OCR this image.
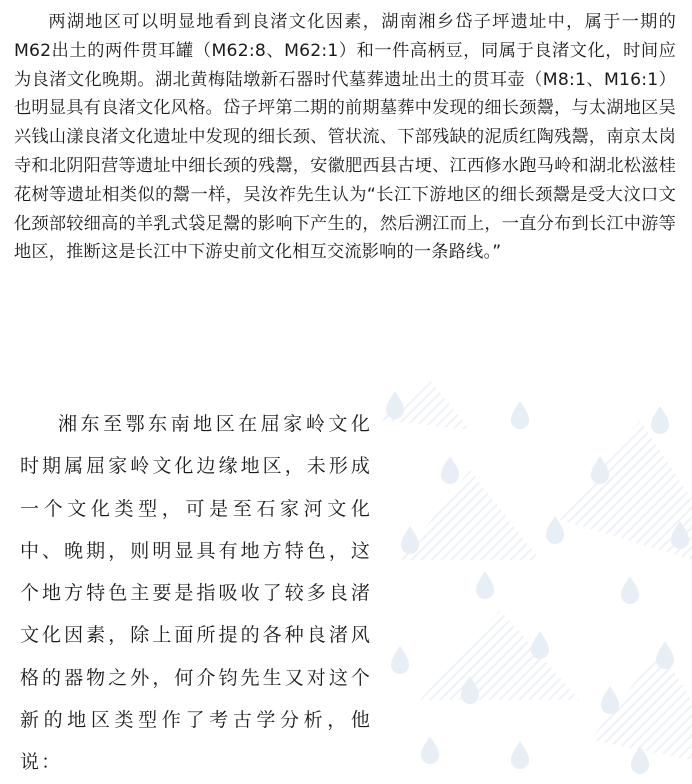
两湖地区可以明显地看到良渚文化因素，湖南湘乡岱子坪遗址中，属于一期的M62出土的两件贯耳罐（M62:8、M62:1）和一件高柄豆，同属于良渚文化，时间应为良渚文化晚期。湖北黄梅陆墩新石器时代墓葬遗址出土的贯耳壶（M8:1、M16:1）也明显具有良渚文化风格。岱子坪第二期的前期墓葬中发现的细长颈鬶，与太湖地区吴兴钱山漾良渚文化遗址中发现的细长颈、管状流、下部残缺的泥质红陶残鬶，南京太岗寺和北阴阳营等遗址中细长颈的残鬶，安徽肥西县古埂、江西修水跑马岭和湖北松滋桂花树等遗址相类似的鬶一样，吴汝祚先生认为“长江下游地区的细长颈鬶是受大汶口文化颈部较细高的羊乳式袋足鬶的影响下产生的，然后溯江而上，一直分布到长江中游等地区，推断这是长江中下游史前文化相互交流影响的一条路线。”

湘东至鄂东南地区在屈家岭文化时期属屈家岭文化边缘地区，未形成一个文化类型，可是至石家河文化中、晚期，则明显具有地方特色，这个地方特色主要是指吸收了较多良渚文化因素，除上面所提的各种良渚风格的器物之外，何介钧先生又对这个新的地区类型作了考古学分析，他说：
